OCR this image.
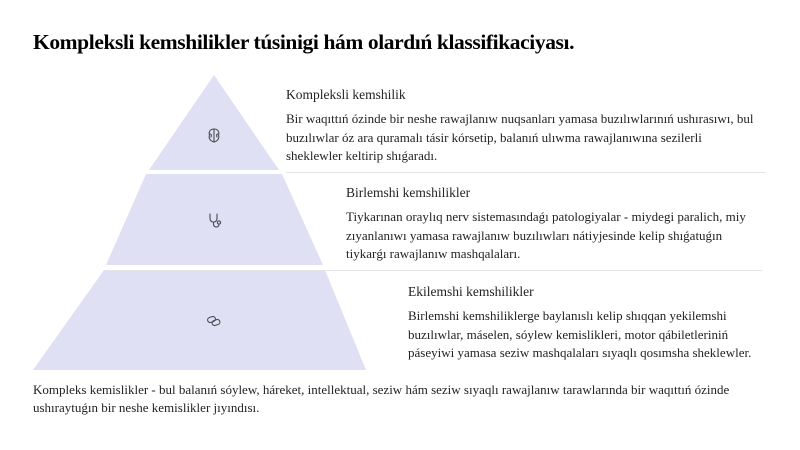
Kompleksli kemshilikler túsinigi hám olardıń klassifikaciyası.
Kompleksli kemshilik
Bir waqıttıń ózinde bir neshe rawajlanıw nuqsanları yamasa buzılıwlarınıń ushırasıwı, bul buzılıwlar óz ara quramalı tásir kórsetip, balanıń ulıwma rawajlanıwına sezilerli sheklewler keltirip shıǵaradı.
Birlemshi kemshilikler
Tiykarınan oraylıq nerv sistemasındaǵı patologiyalar - miydegi paralich, miy zıyanlanıwı yamasa rawajlanıw buzılıwları nátiyjesinde kelip shıǵatuǵın tiykarǵı rawajlanıw mashqalaları.
Ekilemshi kemshilikler
Birlemshi kemshiliklerge baylanıslı kelip shıqqan yekilemshi buzılıwlar, máselen, sóylew kemislikleri, motor qábiletleriniń páseyiwi yamasa seziw mashqalaları sıyaqlı qosımsha sheklewler.
Kompleks kemislikler - bul balanıń sóylew, háreket, intellektual, seziw hám seziw sıyaqlı rawajlanıw tarawlarında bir waqıttıń ózinde ushıraytuǵın bir neshe kemislikler jıyındısı.
